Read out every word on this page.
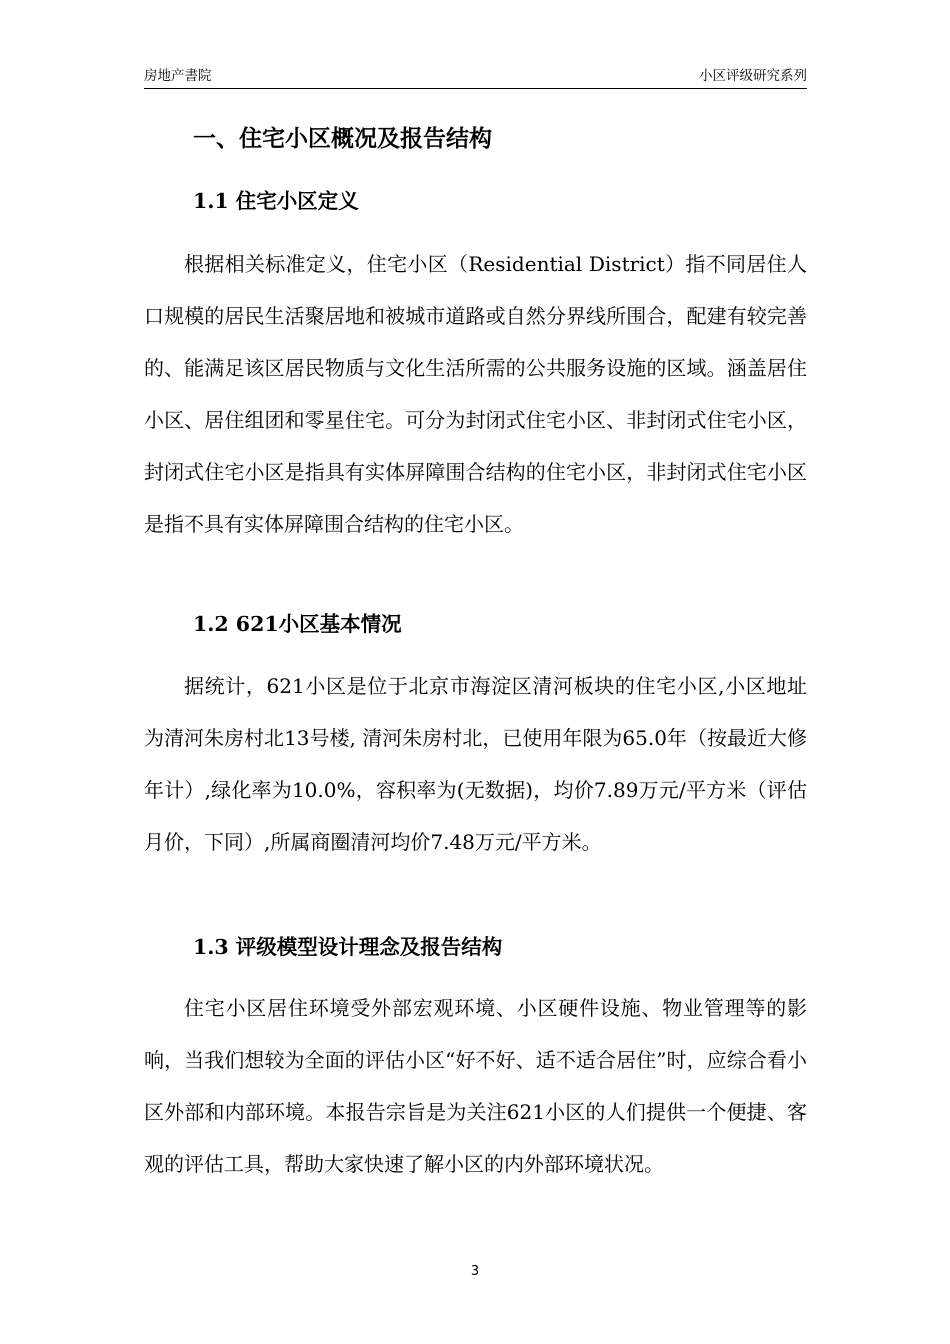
房地产書院	小区评级研究系列
一、住宅小区概况及报告结构
1.1 住宅小区定义

根据相关标准定义，住宅小区（Residential District）指不同居住人口规模的居民生活聚居地和被城市道路或自然分界线所围合，配建有较完善的、能满足该区居民物质与文化生活所需的公共服务设施的区域。涵盖居住小区、居住组团和零星住宅。可分为封闭式住宅小区、非封闭式住宅小区，封闭式住宅小区是指具有实体屏障围合结构的住宅小区，非封闭式住宅小区是指不具有实体屏障围合结构的住宅小区。

1.2 621小区基本情况

据统计，621小区是位于北京市海淀区清河板块的住宅小区,小区地址为清河朱房村北13号楼, 清河朱房村北，已使用年限为65.0年（按最近大修年计）,绿化率为10.0%，容积率为(无数据)，均价7.89万元/平方米（评估月价，下同）,所属商圈清河均价7.48万元/平方米。

1.3 评级模型设计理念及报告结构

住宅小区居住环境受外部宏观环境、小区硬件设施、物业管理等的影响，当我们想较为全面的评估小区“好不好、适不适合居住”时，应综合看小区外部和内部环境。本报告宗旨是为关注621小区的人们提供一个便捷、客观的评估工具，帮助大家快速了解小区的内外部环境状况。

3
